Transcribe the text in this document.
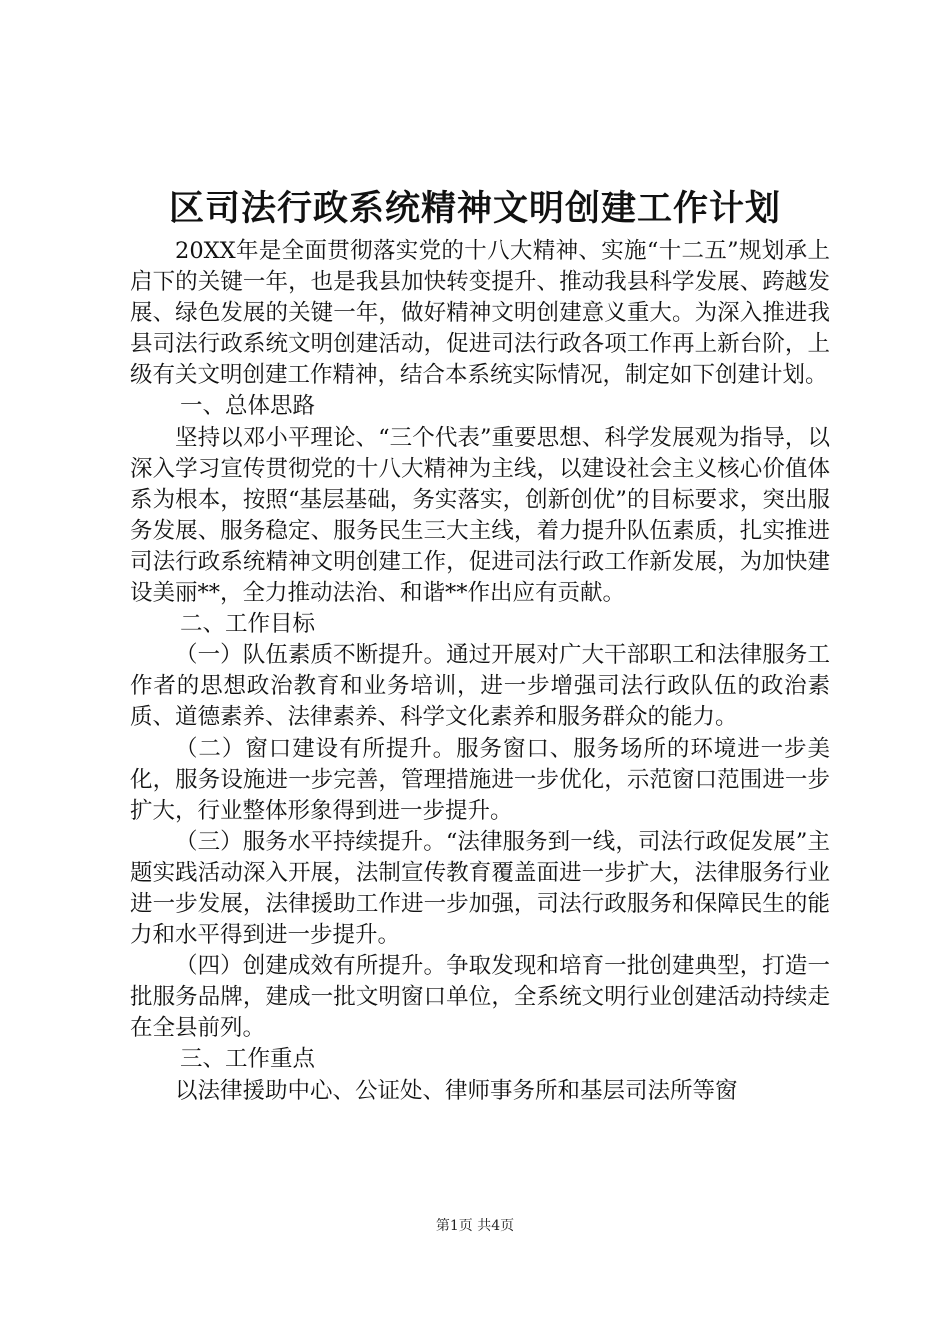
区司法行政系统精神文明创建工作计划

20XX年是全面贯彻落实党的十八大精神、实施“十二五”规划承上启下的关键一年，也是我县加快转变提升、推动我县科学发展、跨越发展、绿色发展的关键一年，做好精神文明创建意义重大。为深入推进我县司法行政系统文明创建活动，促进司法行政各项工作再上新台阶，上级有关文明创建工作精神，结合本系统实际情况，制定如下创建计划。

一、总体思路

坚持以邓小平理论、“三个代表”重要思想、科学发展观为指导，以深入学习宣传贯彻党的十八大精神为主线，以建设社会主义核心价值体系为根本，按照“基层基础，务实落实，创新创优”的目标要求，突出服务发展、服务稳定、服务民生三大主线，着力提升队伍素质，扎实推进司法行政系统精神文明创建工作，促进司法行政工作新发展，为加快建设美丽**，全力推动法治、和谐**作出应有贡献。

二、工作目标

（一）队伍素质不断提升。通过开展对广大干部职工和法律服务工作者的思想政治教育和业务培训，进一步增强司法行政队伍的政治素质、道德素养、法律素养、科学文化素养和服务群众的能力。

（二）窗口建设有所提升。服务窗口、服务场所的环境进一步美化，服务设施进一步完善，管理措施进一步优化，示范窗口范围进一步扩大，行业整体形象得到进一步提升。

（三）服务水平持续提升。“法律服务到一线，司法行政促发展”主题实践活动深入开展，法制宣传教育覆盖面进一步扩大，法律服务行业进一步发展，法律援助工作进一步加强，司法行政服务和保障民生的能力和水平得到进一步提升。

（四）创建成效有所提升。争取发现和培育一批创建典型，打造一批服务品牌，建成一批文明窗口单位，全系统文明行业创建活动持续走在全县前列。

三、工作重点

以法律援助中心、公证处、律师事务所和基层司法所等窗

第1页 共4页
